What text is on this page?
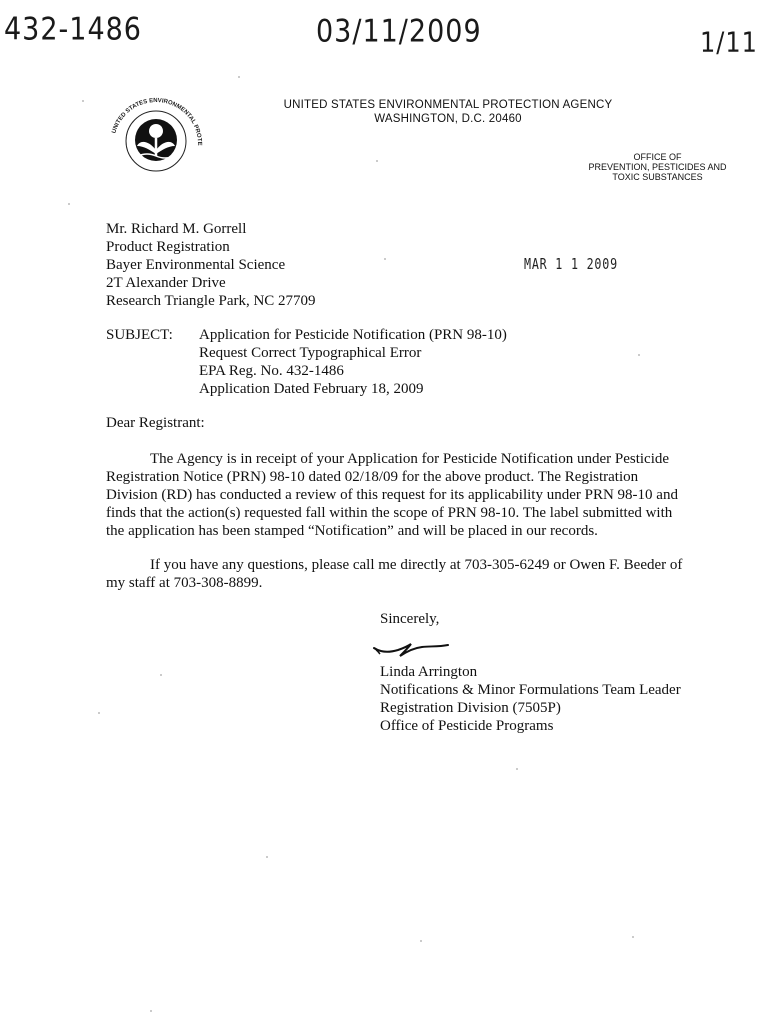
432-1486	03/11/2009	1/11
UNITED STATES ENVIRONMENTAL PROTE
UNITED STATES ENVIRONMENTAL PROTECTION AGENCY
WASHINGTON, D.C. 20460
OFFICE OF
PREVENTION, PESTICIDES AND
TOXIC SUBSTANCES
Mr. Richard M. Gorrell
Product Registration
Bayer Environmental Science
2T Alexander Drive
Research Triangle Park, NC 27709
MAR 1 1 2009
SUBJECT: Application for Pesticide Notification (PRN 98-10)
Request Correct Typographical Error
EPA Reg. No. 432-1486
Application Dated February 18, 2009
Dear Registrant:
The Agency is in receipt of your Application for Pesticide Notification under Pesticide
Registration Notice (PRN) 98-10 dated 02/18/09 for the above product. The Registration
Division (RD) has conducted a review of this request for its applicability under PRN 98-10 and
finds that the action(s) requested fall within the scope of PRN 98-10. The label submitted with
the application has been stamped “Notification” and will be placed in our records.
If you have any questions, please call me directly at 703-305-6249 or Owen F. Beeder of
my staff at 703-308-8899.
Sincerely,
Linda Arrington
Notifications & Minor Formulations Team Leader
Registration Division (7505P)
Office of Pesticide Programs
